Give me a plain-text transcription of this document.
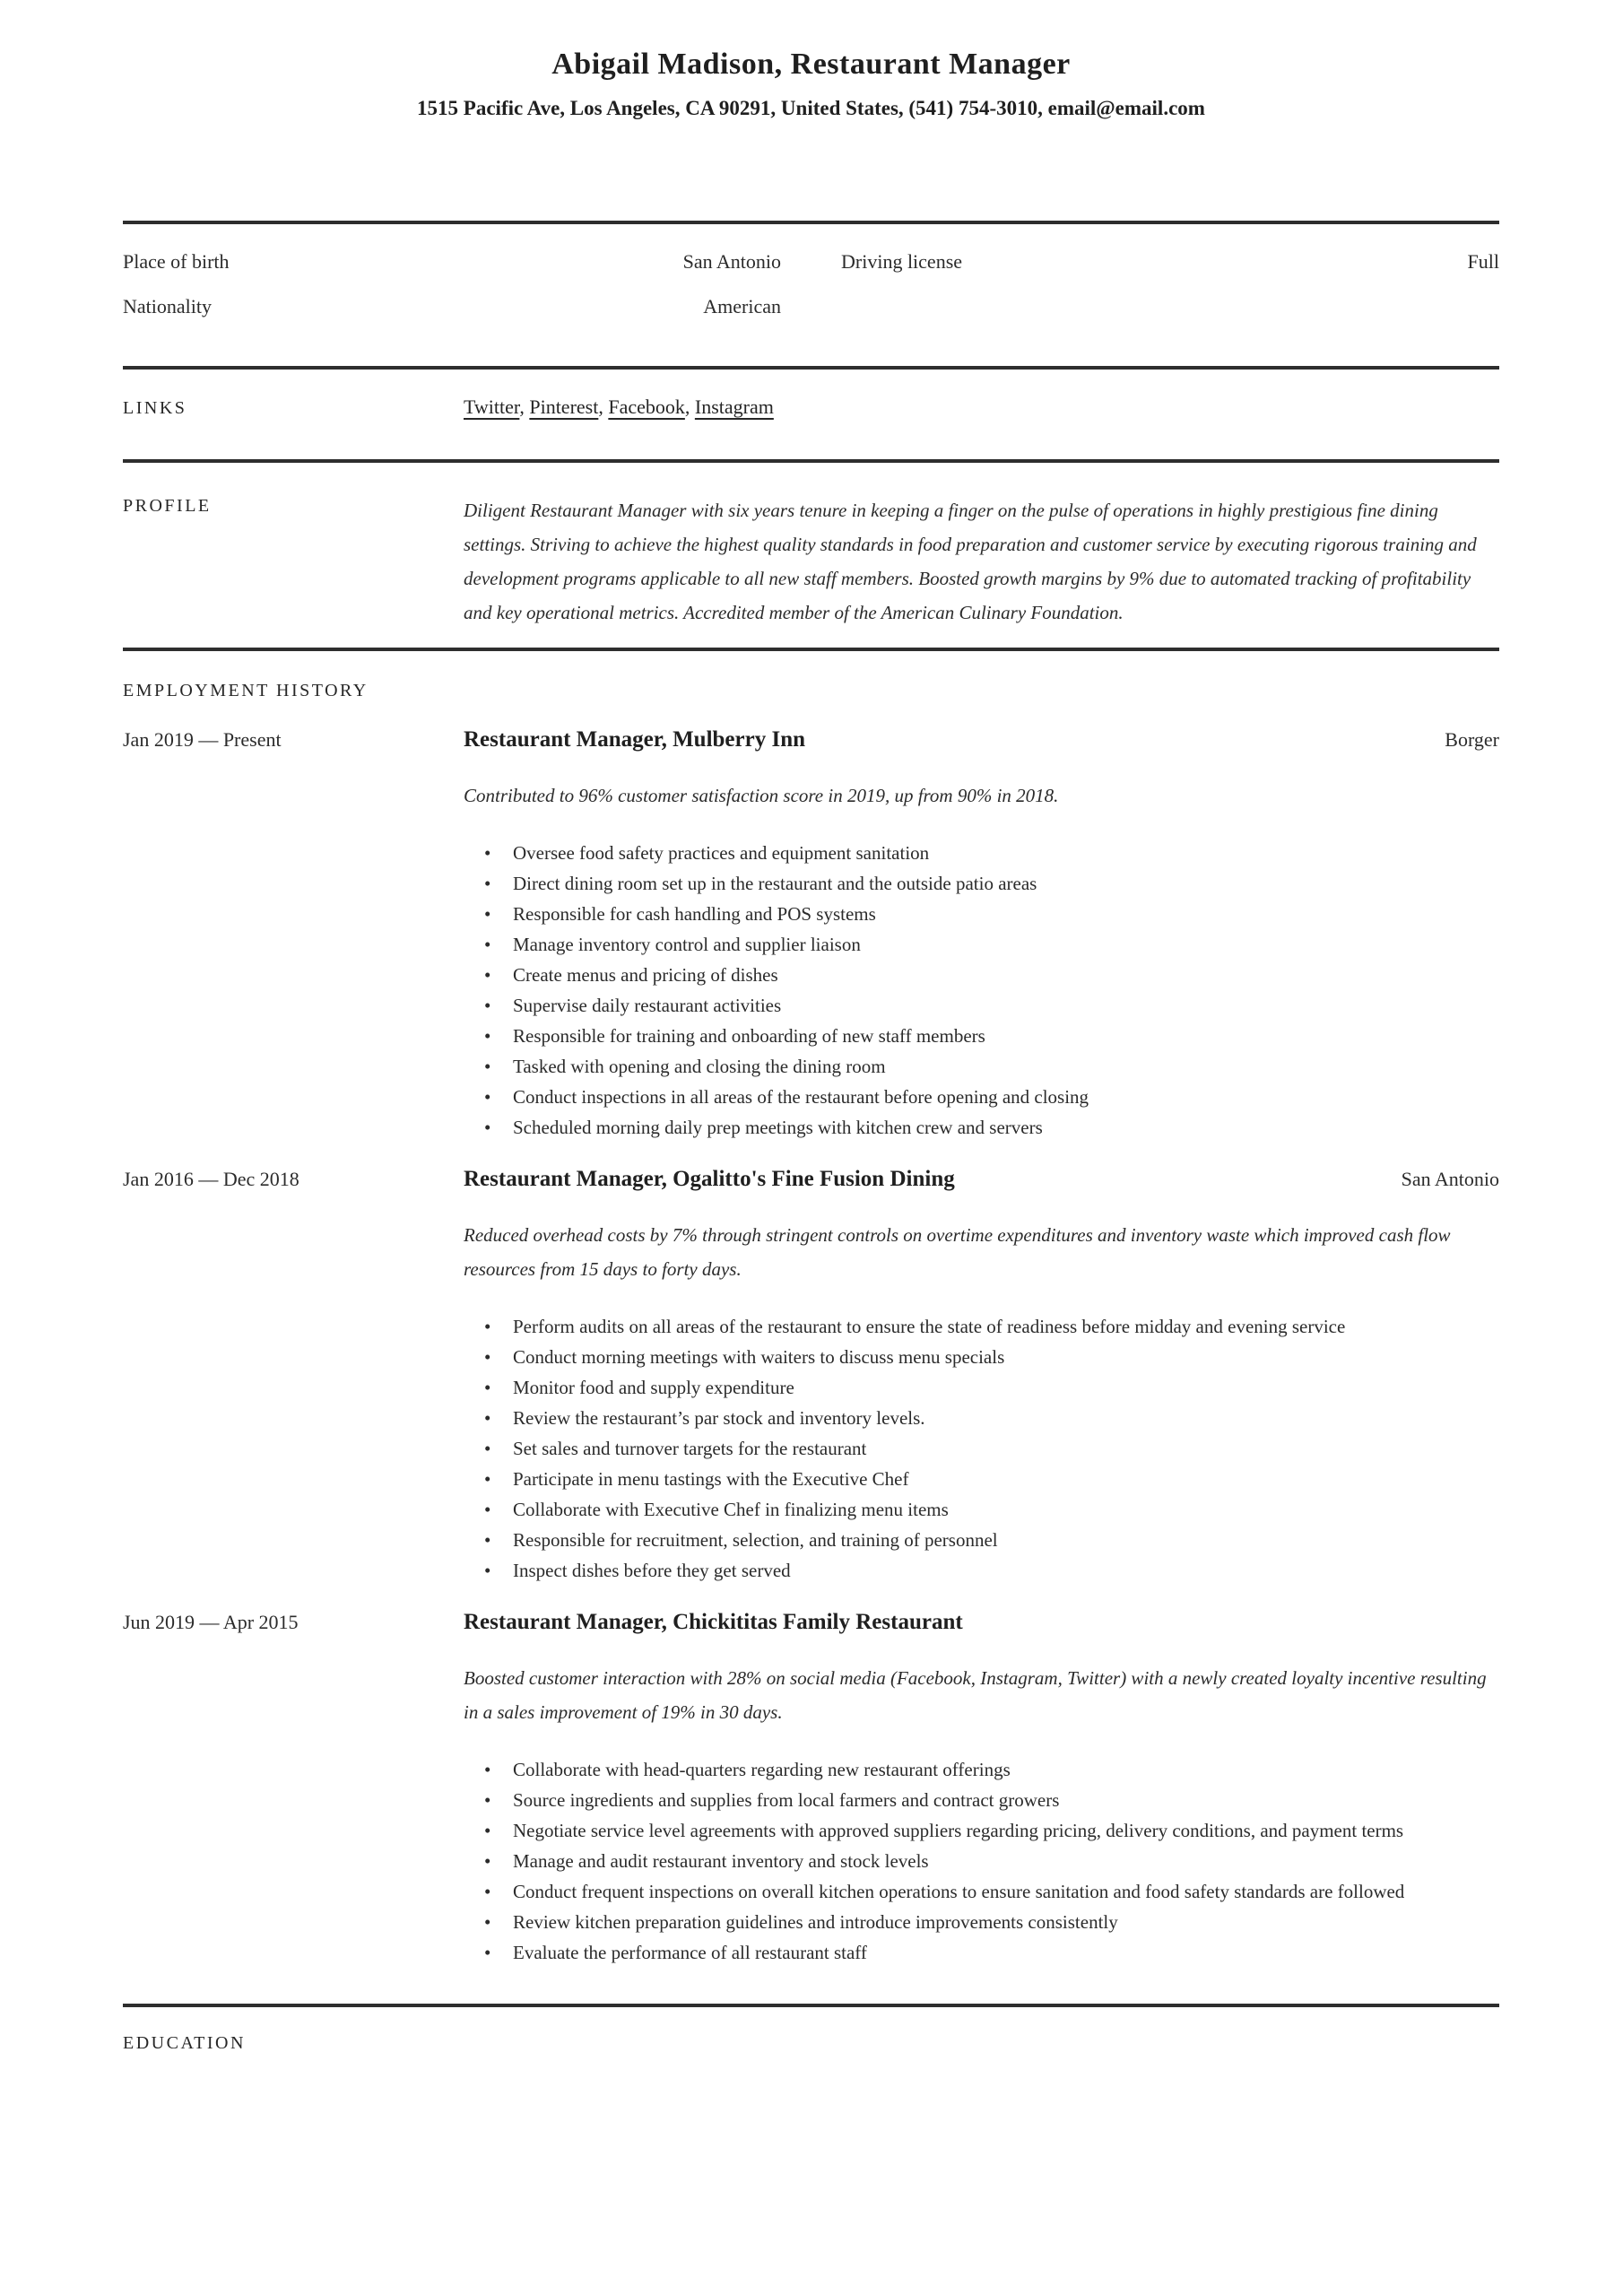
Abigail Madison, Restaurant Manager
1515 Pacific Ave, Los Angeles, CA 90291, United States, (541) 754-3010, email@email.com
Place of birth	San Antonio	Driving license	Full
Nationality	American
LINKS	Twitter, Pinterest, Facebook, Instagram
PROFILE	Diligent Restaurant Manager with six years tenure in keeping a finger on the pulse of operations in highly prestigious fine dining settings. Striving to achieve the highest quality standards in food preparation and customer service by executing rigorous training and development programs applicable to all new staff members. Boosted growth margins by 9% due to automated tracking of profitability and key operational metrics. Accredited member of the American Culinary Foundation.
EMPLOYMENT HISTORY
Jan 2019 — Present	Restaurant Manager, Mulberry Inn	Borger
Contributed to 96% customer satisfaction score in 2019, up from 90% in 2018.
• Oversee food safety practices and equipment sanitation
• Direct dining room set up in the restaurant and the outside patio areas
• Responsible for cash handling and POS systems
• Manage inventory control and supplier liaison
• Create menus and pricing of dishes
• Supervise daily restaurant activities
• Responsible for training and onboarding of new staff members
• Tasked with opening and closing the dining room
• Conduct inspections in all areas of the restaurant before opening and closing
• Scheduled morning daily prep meetings with kitchen crew and servers
Jan 2016 — Dec 2018	Restaurant Manager, Ogalitto's Fine Fusion Dining	San Antonio
Reduced overhead costs by 7% through stringent controls on overtime expenditures and inventory waste which improved cash flow resources from 15 days to forty days.
• Perform audits on all areas of the restaurant to ensure the state of readiness before midday and evening service
• Conduct morning meetings with waiters to discuss menu specials
• Monitor food and supply expenditure
• Review the restaurant’s par stock and inventory levels.
• Set sales and turnover targets for the restaurant
• Participate in menu tastings with the Executive Chef
• Collaborate with Executive Chef in finalizing menu items
• Responsible for recruitment, selection, and training of personnel
• Inspect dishes before they get served
Jun 2019 — Apr 2015	Restaurant Manager, Chickititas Family Restaurant
Boosted customer interaction with 28% on social media (Facebook, Instagram, Twitter) with a newly created loyalty incentive resulting in a sales improvement of 19% in 30 days.
• Collaborate with head-quarters regarding new restaurant offerings
• Source ingredients and supplies from local farmers and contract growers
• Negotiate service level agreements with approved suppliers regarding pricing, delivery conditions, and payment terms
• Manage and audit restaurant inventory and stock levels
• Conduct frequent inspections on overall kitchen operations to ensure sanitation and food safety standards are followed
• Review kitchen preparation guidelines and introduce improvements consistently
• Evaluate the performance of all restaurant staff
EDUCATION
